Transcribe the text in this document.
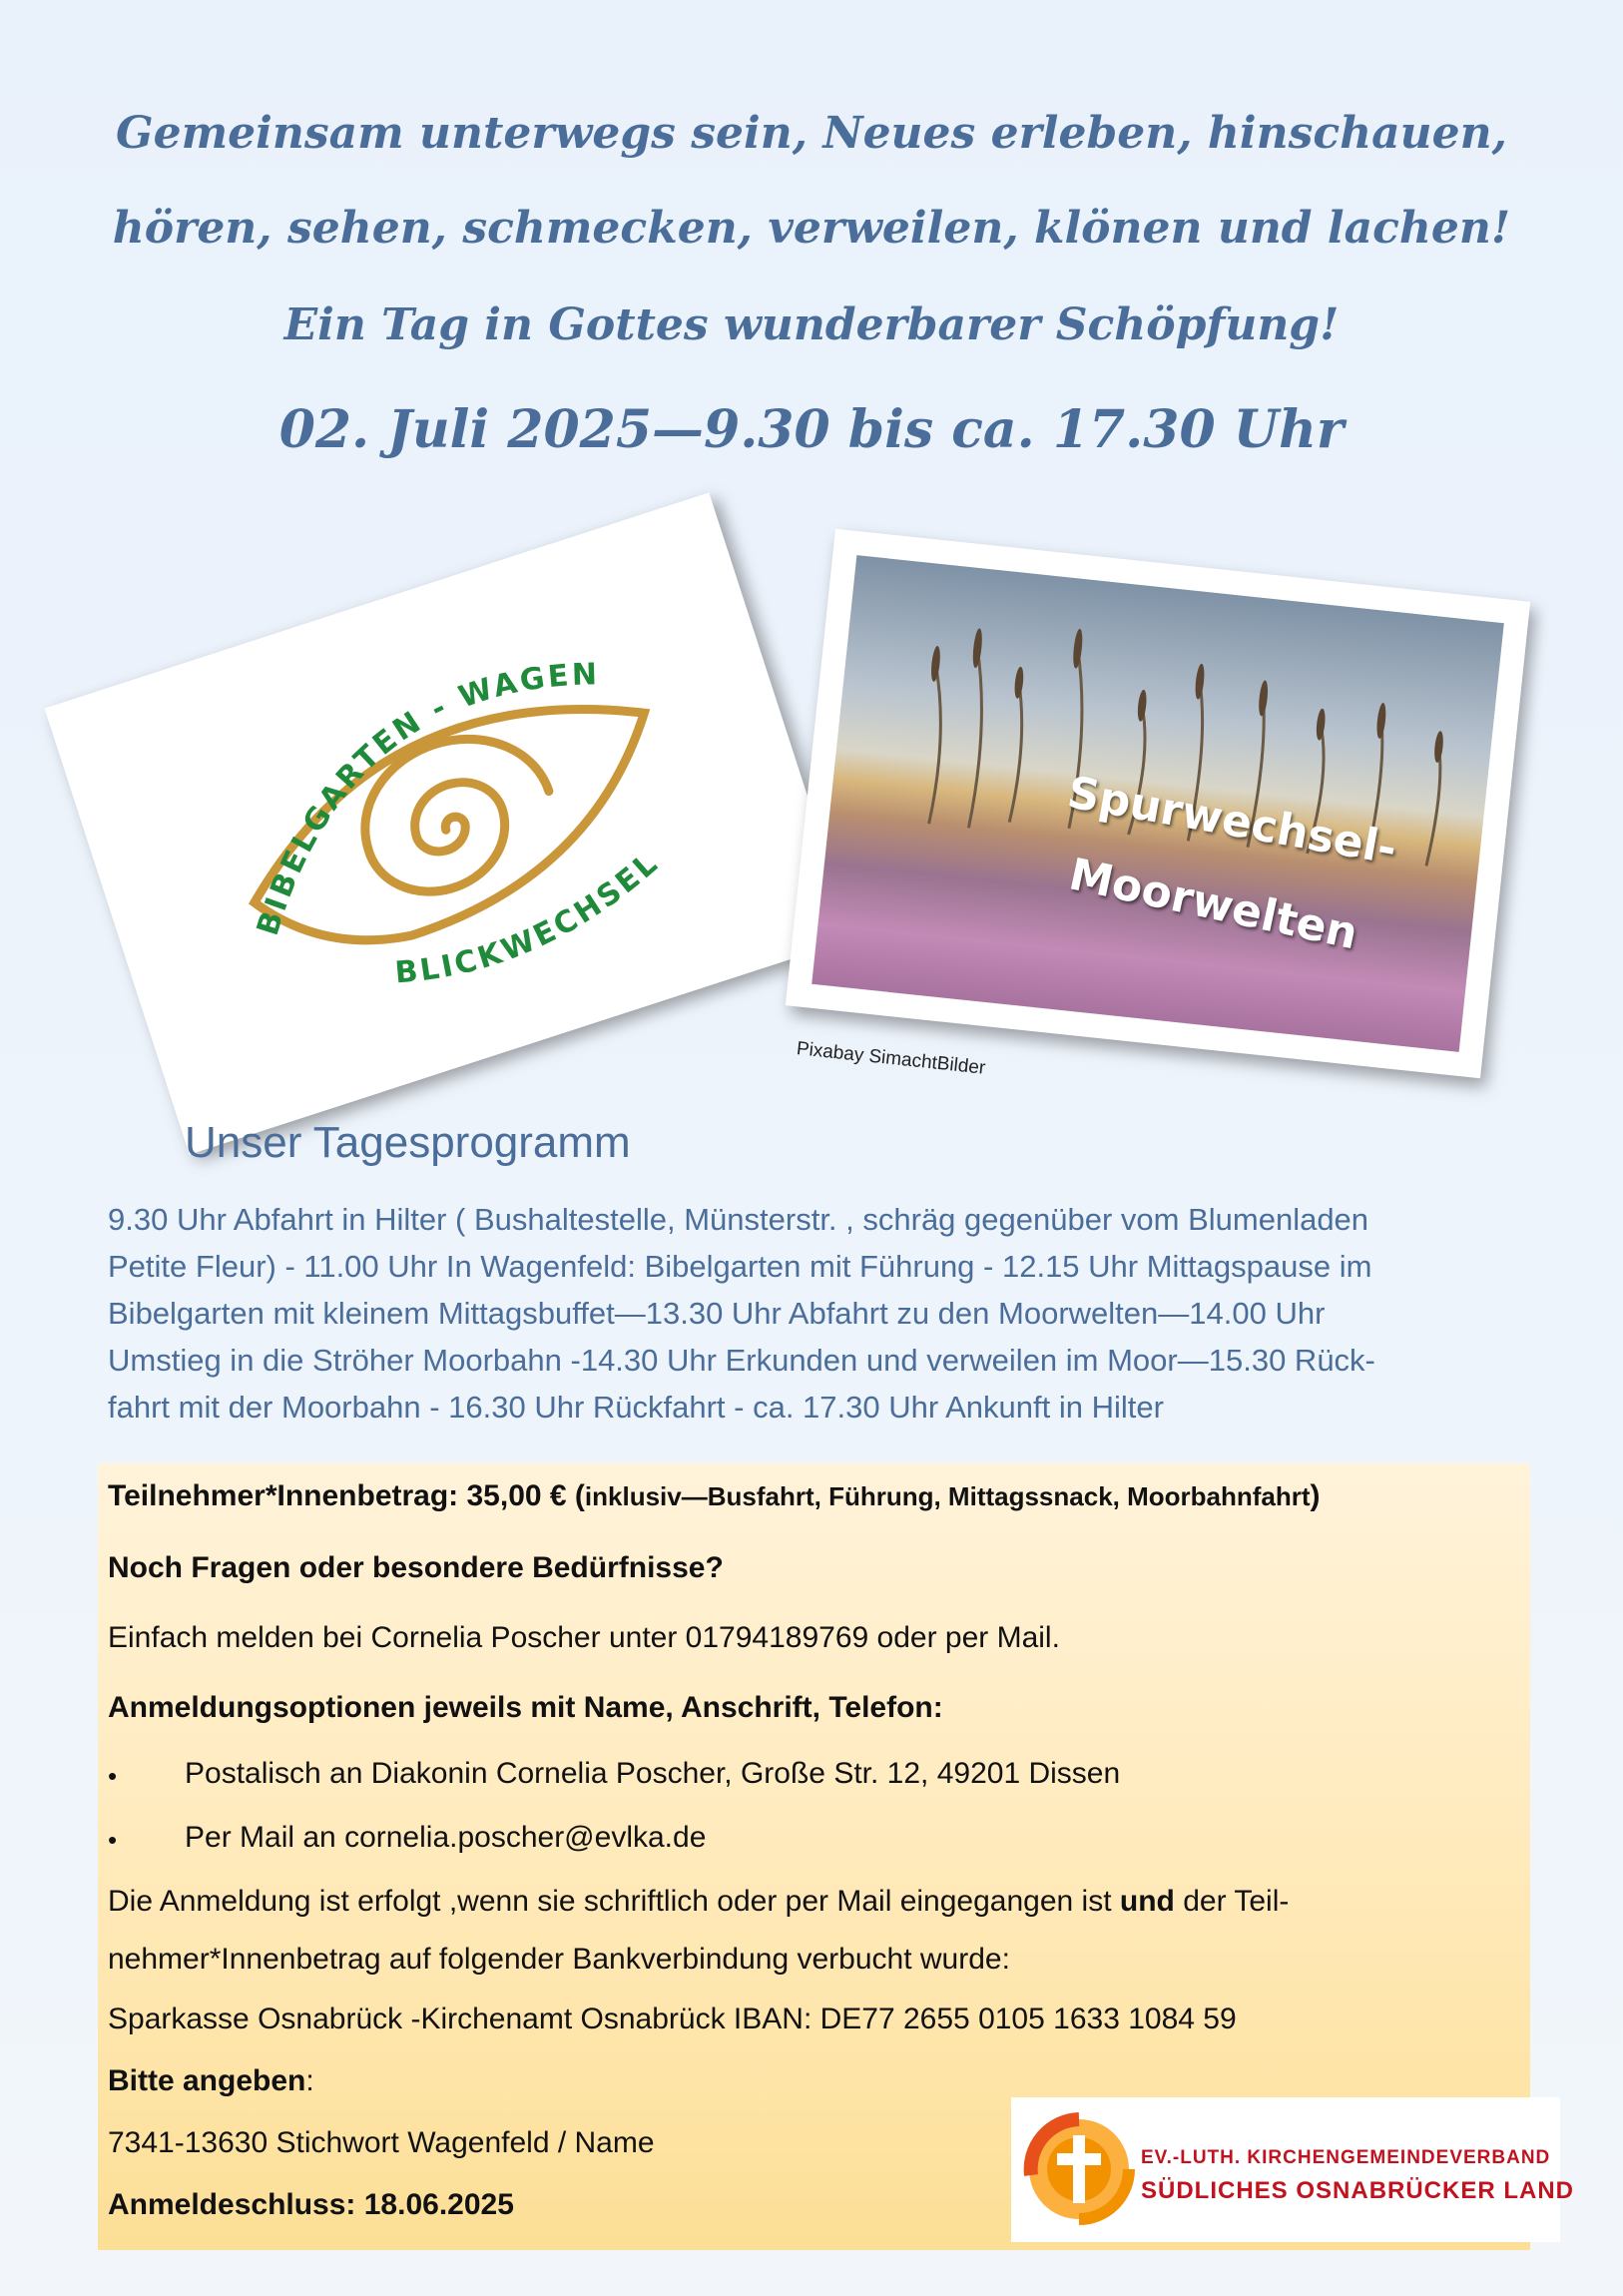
Gemeinsam unterwegs sein, Neues erleben, hinschauen,
hören, sehen, schmecken, verweilen, klönen und lachen!
Ein Tag in Gottes wunderbarer Schöpfung!
02. Juli 2025—9.30 bis ca. 17.30 Uhr
BIBELGARTEN - WAGENFELD
BLICKWECHSEL	Spurwechsel-
Moorwelten
Pixabay SimachtBilder
Unser Tagesprogramm
9.30 Uhr Abfahrt in Hilter ( Bushaltestelle, Münsterstr. , schräg gegenüber vom Blumenladen
Petite Fleur) - 11.00 Uhr In Wagenfeld: Bibelgarten mit Führung - 12.15 Uhr Mittagspause im
Bibelgarten mit kleinem Mittagsbuffet—13.30 Uhr Abfahrt zu den Moorwelten—14.00 Uhr
Umstieg in die Ströher Moorbahn -14.30 Uhr Erkunden und verweilen im Moor—15.30 Rück-
fahrt mit der Moorbahn - 16.30 Uhr Rückfahrt - ca. 17.30 Uhr Ankunft in Hilter
Teilnehmer*Innenbetrag: 35,00 € (inklusiv—Busfahrt, Führung, Mittagssnack, Moorbahnfahrt)
Noch Fragen oder besondere Bedürfnisse?
Einfach melden bei Cornelia Poscher unter 01794189769 oder per Mail.
Anmeldungsoptionen jeweils mit Name, Anschrift, Telefon:
• Postalisch an Diakonin Cornelia Poscher, Große Str. 12, 49201 Dissen
• Per Mail an cornelia.poscher@evlka.de
Die Anmeldung ist erfolgt ,wenn sie schriftlich oder per Mail eingegangen ist und der Teil-
nehmer*Innenbetrag auf folgender Bankverbindung verbucht wurde:
Sparkasse Osnabrück -Kirchenamt Osnabrück IBAN: DE77 2655 0105 1633 1084 59
Bitte angeben:
7341-13630 Stichwort Wagenfeld / Name
Anmeldeschluss: 18.06.2025
EV.-LUTH. KIRCHENGEMEINDEVERBAND
SÜDLICHES OSNABRÜCKER LAND
